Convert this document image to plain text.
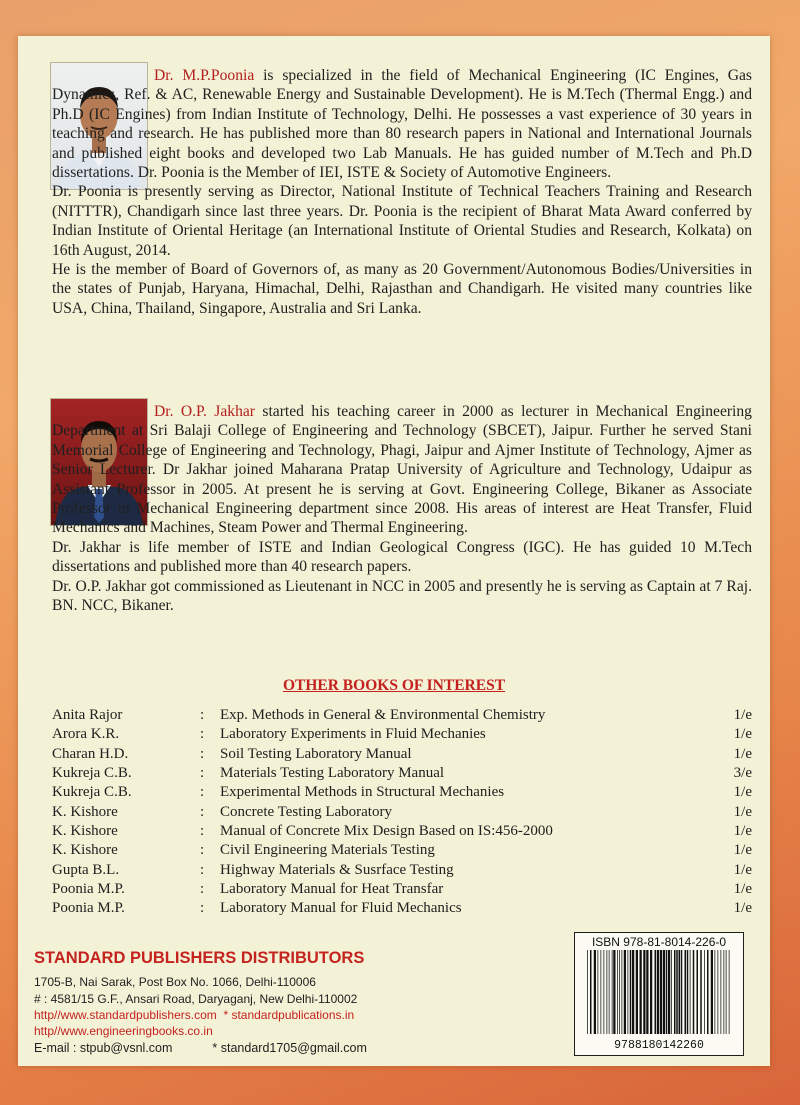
Dr. M.P.Poonia is specialized in the field of Mechanical Engineering (IC Engines, Gas Dynamics, Ref. & AC, Renewable Energy and Sustainable Development). He is M.Tech (Thermal Engg.) and Ph.D (IC Engines) from Indian Institute of Technology, Delhi. He possesses a vast experience of 30 years in teaching and research. He has published more than 80 research papers in National and International Journals and published eight books and developed two Lab Manuals. He has guided number of M.Tech and Ph.D dissertations. Dr. Poonia is the Member of IEI, ISTE & Society of Automotive Engineers.

Dr. Poonia is presently serving as Director, National Institute of Technical Teachers Training and Research (NITTTR), Chandigarh since last three years. Dr. Poonia is the recipient of Bharat Mata Award conferred by Indian Institute of Oriental Heritage (an International Institute of Oriental Studies and Research, Kolkata) on 16th August, 2014.

He is the member of Board of Governors of, as many as 20 Government/Autonomous Bodies/Universities in the states of Punjab, Haryana, Himachal, Delhi, Rajasthan and Chandigarh. He visited many countries like USA, China, Thailand, Singapore, Australia and Sri Lanka.

Dr. O.P. Jakhar started his teaching career in 2000 as lecturer in Mechanical Engineering Department at Sri Balaji College of Engineering and Technology (SBCET), Jaipur. Further he served Stani Memorial College of Engineering and Technology, Phagi, Jaipur and Ajmer Institute of Technology, Ajmer as Senior Lecturer. Dr Jakhar joined Maharana Pratap University of Agriculture and Technology, Udaipur as Assistant Professor in 2005. At present he is serving at Govt. Engineering College, Bikaner as Associate Professor in Mechanical Engineering department since 2008. His areas of interest are Heat Transfer, Fluid Mechanics and Machines, Steam Power and Thermal Engineering.

Dr. Jakhar is life member of ISTE and Indian Geological Congress (IGC). He has guided 10 M.Tech dissertations and published more than 40 research papers.

Dr. O.P. Jakhar got commissioned as Lieutenant in NCC in 2005 and presently he is serving as Captain at 7 Raj. BN. NCC, Bikaner.

OTHER BOOKS OF INTEREST
Anita Rajor	:	Exp. Methods in General & Environmental Chemistry	1/e
Arora K.R.	:	Laboratory Experiments in Fluid Mechanies	1/e
Charan H.D.	:	Soil Testing Laboratory Manual	1/e
Kukreja C.B.	:	Materials Testing Laboratory Manual	3/e
Kukreja C.B.	:	Experimental Methods in Structural Mechanies	1/e
K. Kishore	:	Concrete Testing Laboratory	1/e
K. Kishore	:	Manual of Concrete Mix Design Based on IS:456-2000	1/e
K. Kishore	:	Civil Engineering Materials Testing	1/e
Gupta B.L.	:	Highway Materials & Susrface Testing	1/e
Poonia M.P.	:	Laboratory Manual for Heat Transfar	1/e
Poonia M.P.	:	Laboratory Manual for Fluid Mechanics	1/e
STANDARD PUBLISHERS DISTRIBUTORS
1705-B, Nai Sarak, Post Box No. 1066, Delhi-110006
# : 4581/15 G.F., Ansari Road, Daryaganj, New Delhi-110002
http//www.standardpublishers.com * standardpublications.in
http//www.engineeringbooks.co.in
E-mail : stpub@vsnl.com	* standard1705@gmail.com
ISBN 978-81-8014-226-0
9788180142260
